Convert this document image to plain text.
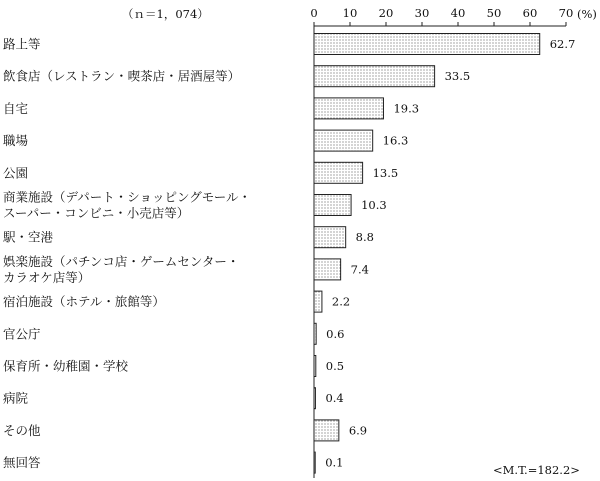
（ｎ＝1，074）	(%)
0 10 20 30 40 50 60 70
路上等
飲食店（レストラン・喫茶店・居酒屋等）
自宅
職場
公園
商業施設（デパート・ショッピングモール・
スーパー・コンビニ・小売店等）
駅・空港
娯楽施設（パチンコ店・ゲームセンター・
カラオケ店等）
宿泊施設（ホテル・旅館等）
官公庁
保育所・幼稚園・学校
病院
その他
無回答
62.7
33.5
19.3
16.3
13.5
10.3
8.8
7.4
2.2
0.6
0.5
0.4
6.9
0.1
<M.T.=182.2>
